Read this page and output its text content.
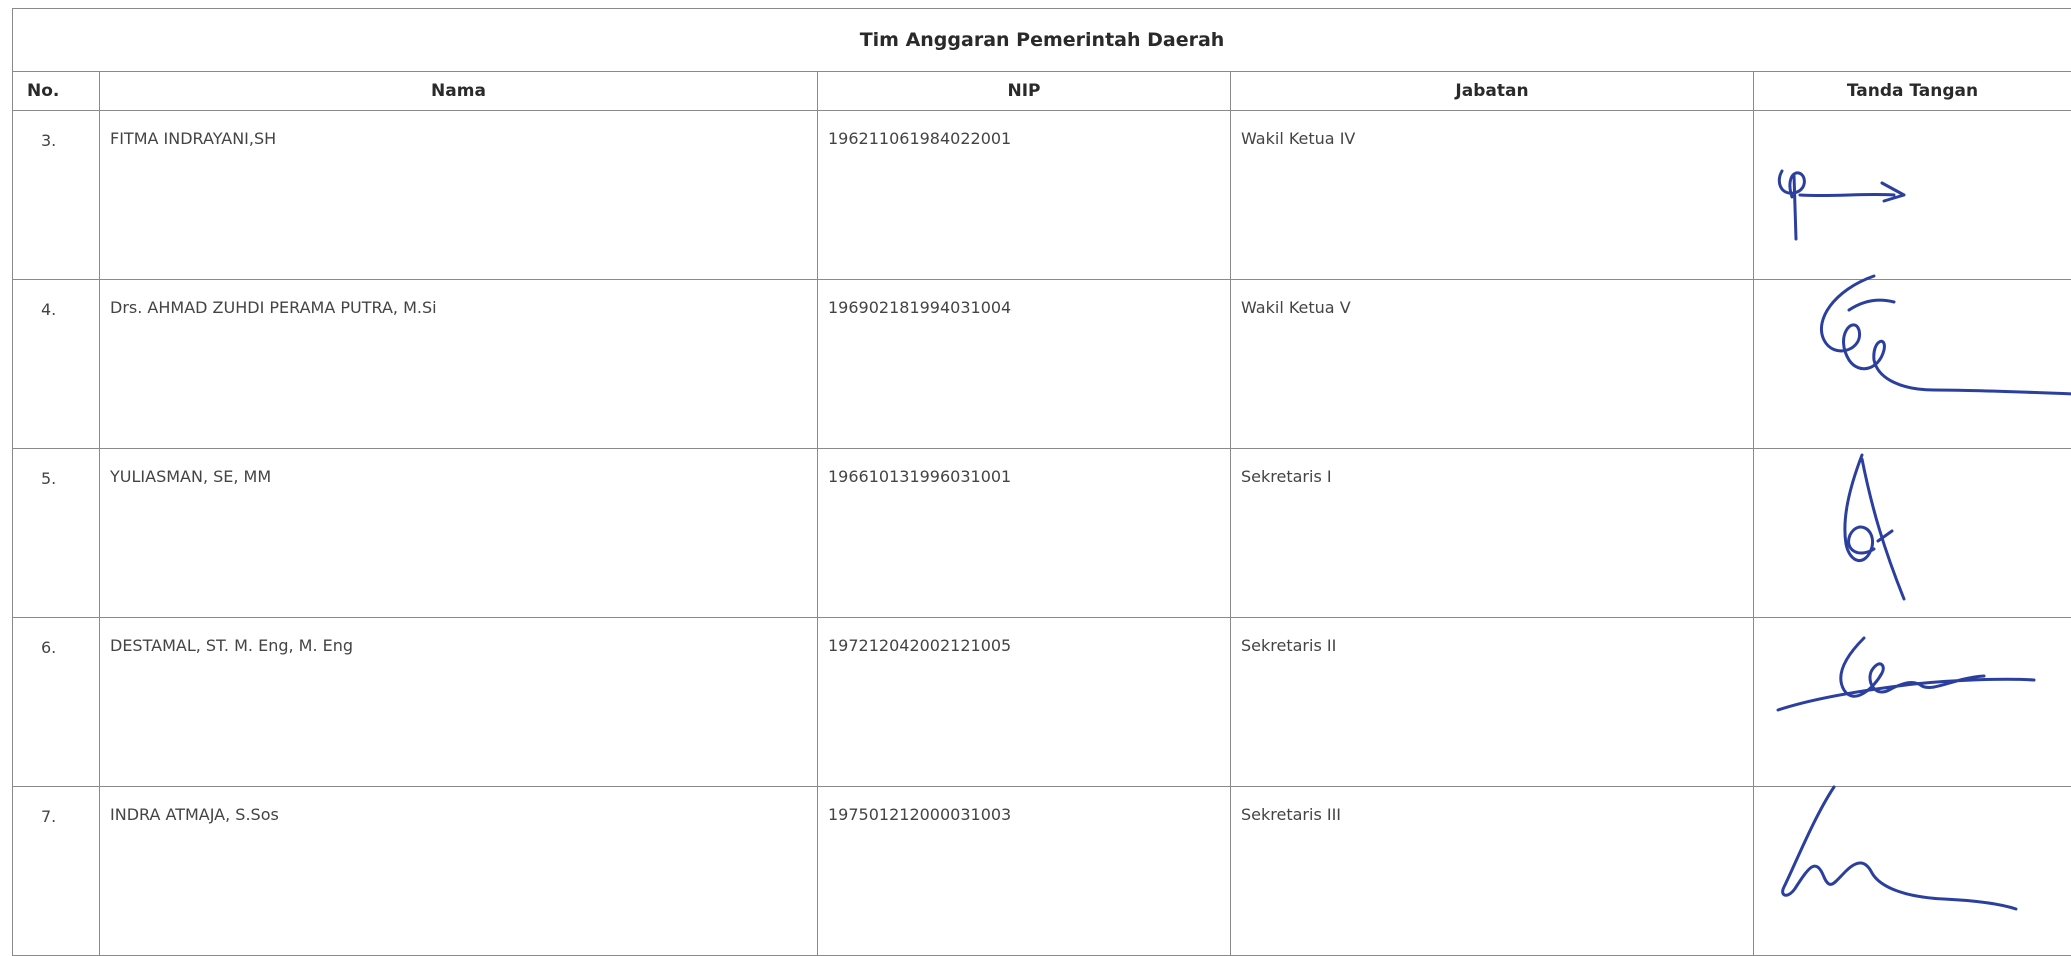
Tim Anggaran Pemerintah Daerah				
No.	Nama	NIP	Jabatan	Tanda Tangan
3.	FITMA INDRAYANI,SH	196211061984022001	Wakil Ketua IV	

4.	Drs. AHMAD ZUHDI PERAMA PUTRA, M.Si	196902181994031004	Wakil Ketua V	

5.	YULIASMAN, SE, MM	196610131996031001	Sekretaris I	

6.	DESTAMAL, ST. M. Eng, M. Eng	197212042002121005	Sekretaris II	

7.	INDRA ATMAJA, S.Sos	197501212000031003	Sekretaris III	
